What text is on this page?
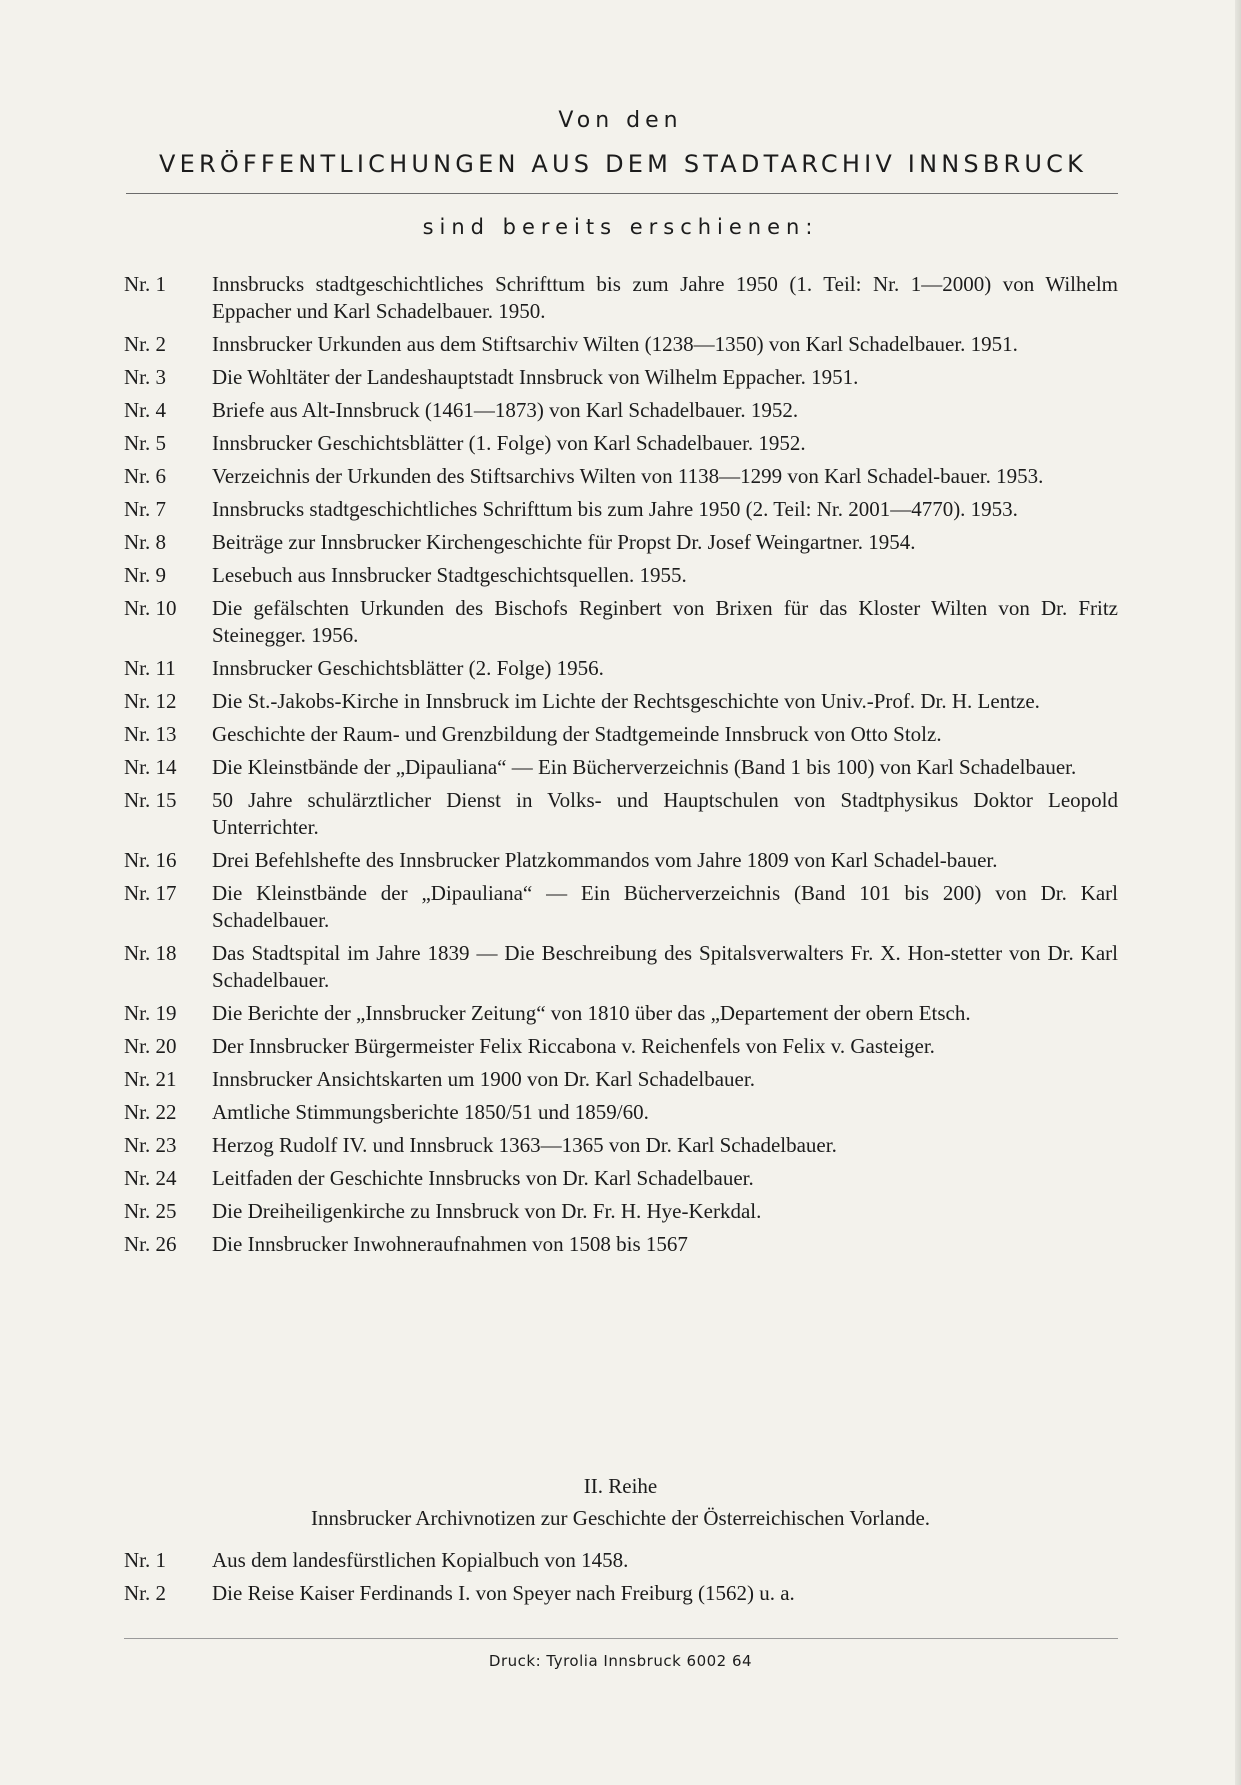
Von den
VERÖFFENTLICHUNGEN AUS DEM STADTARCHIV INNSBRUCK
sind bereits erschienen:
Nr. 1	Innsbrucks stadtgeschichtliches Schrifttum bis zum Jahre 1950 (1. Teil: Nr. 1—2000) von Wilhelm Eppacher und Karl Schadelbauer. 1950.
Nr. 2	Innsbrucker Urkunden aus dem Stiftsarchiv Wilten (1238—1350) von Karl Schadelbauer. 1951.
Nr. 3	Die Wohltäter der Landeshauptstadt Innsbruck von Wilhelm Eppacher. 1951.
Nr. 4	Briefe aus Alt-Innsbruck (1461—1873) von Karl Schadelbauer. 1952.
Nr. 5	Innsbrucker Geschichtsblätter (1. Folge) von Karl Schadelbauer. 1952.
Nr. 6	Verzeichnis der Urkunden des Stiftsarchivs Wilten von 1138—1299 von Karl Schadel-bauer. 1953.
Nr. 7	Innsbrucks stadtgeschichtliches Schrifttum bis zum Jahre 1950 (2. Teil: Nr. 2001—4770). 1953.
Nr. 8	Beiträge zur Innsbrucker Kirchengeschichte für Propst Dr. Josef Weingartner. 1954.
Nr. 9	Lesebuch aus Innsbrucker Stadtgeschichtsquellen. 1955.
Nr. 10	Die gefälschten Urkunden des Bischofs Reginbert von Brixen für das Kloster Wilten von Dr. Fritz Steinegger. 1956.
Nr. 11	Innsbrucker Geschichtsblätter (2. Folge) 1956.
Nr. 12	Die St.-Jakobs-Kirche in Innsbruck im Lichte der Rechtsgeschichte von Univ.-Prof. Dr. H. Lentze.
Nr. 13	Geschichte der Raum- und Grenzbildung der Stadtgemeinde Innsbruck von Otto Stolz.
Nr. 14	Die Kleinstbände der „Dipauliana“ — Ein Bücherverzeichnis (Band 1 bis 100) von Karl Schadelbauer.
Nr. 15	50 Jahre schulärztlicher Dienst in Volks- und Hauptschulen von Stadtphysikus Doktor Leopold Unterrichter.
Nr. 16	Drei Befehlshefte des Innsbrucker Platzkommandos vom Jahre 1809 von Karl Schadel-bauer.
Nr. 17	Die Kleinstbände der „Dipauliana“ — Ein Bücherverzeichnis (Band 101 bis 200) von Dr. Karl Schadelbauer.
Nr. 18	Das Stadtspital im Jahre 1839 — Die Beschreibung des Spitalsverwalters Fr. X. Hon-stetter von Dr. Karl Schadelbauer.
Nr. 19	Die Berichte der „Innsbrucker Zeitung“ von 1810 über das „Departement der obern Etsch.
Nr. 20	Der Innsbrucker Bürgermeister Felix Riccabona v. Reichenfels von Felix v. Gasteiger.
Nr. 21	Innsbrucker Ansichtskarten um 1900 von Dr. Karl Schadelbauer.
Nr. 22	Amtliche Stimmungsberichte 1850/51 und 1859/60.
Nr. 23	Herzog Rudolf IV. und Innsbruck 1363—1365 von Dr. Karl Schadelbauer.
Nr. 24	Leitfaden der Geschichte Innsbrucks von Dr. Karl Schadelbauer.
Nr. 25	Die Dreiheiligenkirche zu Innsbruck von Dr. Fr. H. Hye-Kerkdal.
Nr. 26	Die Innsbrucker Inwohneraufnahmen von 1508 bis 1567
II. Reihe
Innsbrucker Archivnotizen zur Geschichte der Österreichischen Vorlande.
Nr. 1	Aus dem landesfürstlichen Kopialbuch von 1458.
Nr. 2	Die Reise Kaiser Ferdinands I. von Speyer nach Freiburg (1562) u. a.
Druck: Tyrolia Innsbruck 6002 64
